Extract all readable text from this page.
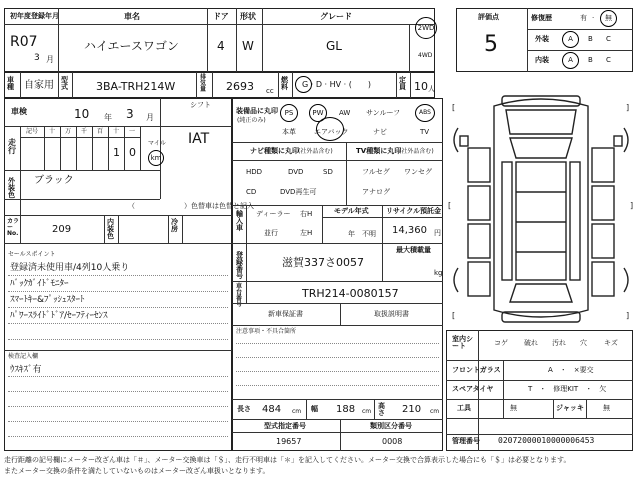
初年度登録年月
R07
3 月
車名
ハイエースワゴン
ドア
4
形状
W
グレード
GL
2WD
4WD
車種	自家用 型式	3BA-TRH214W
排気量	2693 cc
燃料	G · D · HV · (　　)	定員 10 人
車検	10 年 3 月
シフト
IAT
走行
記号 十 万 千 百 十 一
1 0
マイル
km
外装色
ブラック
（　　　　　　　）色替車は色替と記入
カラーNo.	209
内装色
冷房
セールスポイント
登録済未使用車/4列10人乗り
ﾊﾞｯｸｶﾞｲﾄﾞﾓﾆﾀｰ
ｽﾏｰﾄｷｰ&ﾌﾟｯｼｭｽﾀｰﾄ
ﾊﾟﾜｰｽﾗｲﾄﾞﾄﾞｱ/ｾｰﾌﾃｨｰｾﾝｽ
検査記入欄
ｳｽｷｽﾞ有
装備品に丸印
(純正のみ)
PS	PW AW サンルーフ	ABS
本革	エアバック	ナビ	TV
ナビ種類に丸印 (社外品含む)	TV種類に丸印
(社外品含む)
HDD	DVD	SD
CD	DVD再生可
フルセグ ワンセグ
アナログ
輸入車
ディーラー
並行
右H
左H
モデル年式
年　不明
リサイクル預託金
14,360 円
登録番号
滋賀337さ0057
最大積載量
kg
車台番号
TRH214-0080157
新車保証書	取扱説明書
注意事項・不具合箇所
長さ 484 cm 幅 188 cm
高さ	210 cm
型式指定番号
19657
類別区分番号
0008
評価点
5
修復歴	有 · 無
外装	A B C
内装	A B C
[	]
[	]
[	]
室内シート	コゲ 破れ 汚れ 穴 キズ
フロントガラス	A　・　×要交
スペアタイヤ	T　・　修理KIT　・　欠
工具	無	ジャッキ	無
管理番号 02072000010000006453
走行距離の記号欄にメーター改ざん車は「＃」、メーター交換車は「＄」、走行不明車は「＊」を記入してください。メーター交換で合算表示した場合にも「＄」は必要となります。
またメーター交換の条件を満たしていないものはメーター改ざん車扱いとなります。
